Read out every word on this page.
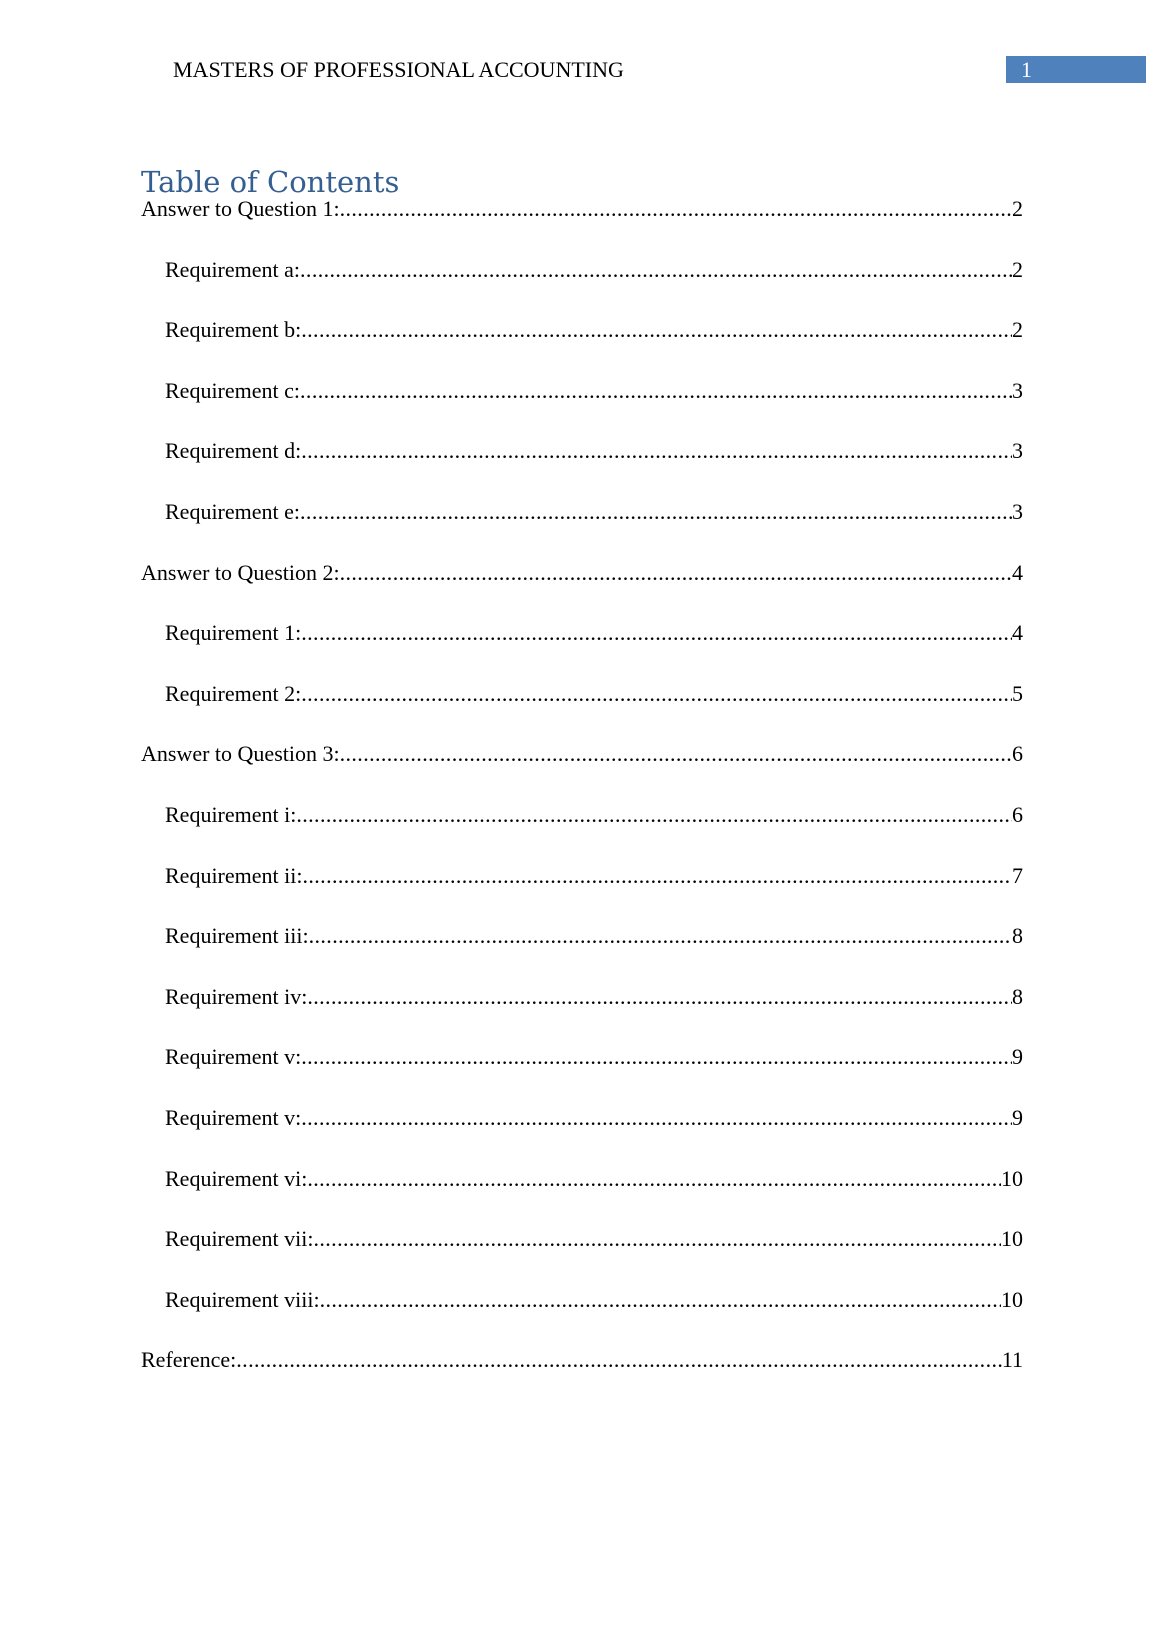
MASTERS OF PROFESSIONAL ACCOUNTING	1
Table of Contents
Answer to Question 1: .....	2
Requirement a: .....	2
Requirement b: .....	2
Requirement c: .....	3
Requirement d: .....	3
Requirement e: .....	3
Answer to Question 2: .....	4
Requirement 1: .....	4
Requirement 2: .....	5
Answer to Question 3: .....	6
Requirement i: .....	6
Requirement ii: .....	7
Requirement iii: .....	8
Requirement iv: .....	8
Requirement v: .....	9
Requirement v: .....	9
Requirement vi: .....	10
Requirement vii: .....	10
Requirement viii: .....	10
Reference: .....	11
